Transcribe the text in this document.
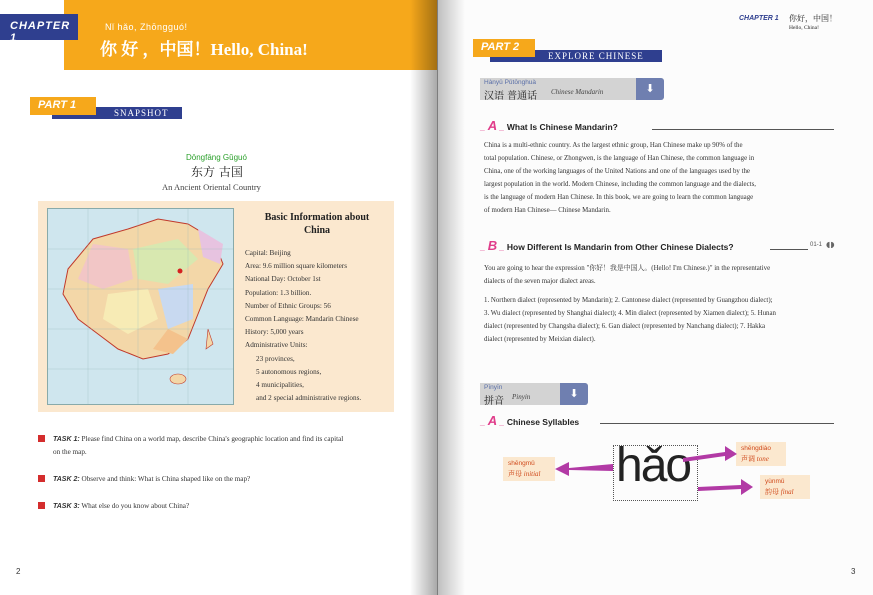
CHAPTER 1
Nǐ hǎo, Zhōngguó!
你 好 ，中国！Hello, China!
SNAPSHOT
PART 1
Dōngfāng Gǔguó
东方 古国
An Ancient Oriental Country
Basic Information about China
Capital: Beijing
Area: 9.6 million square kilometers
National Day: October 1st
Population: 1.3 billion.
Number of Ethnic Groups: 56
Common Language: Mandarin Chinese
History: 5,000 years
Administrative Units:
23 provinces,
5 autonomous regions,
4 municipalities,
and 2 special administrative regions.
TASK 1: Please find China on a world map, describe China's geographic location and find its capital
on the map.
TASK 2: Observe and think: What is China shaped like on the map?
TASK 3: What else do you know about China?
2
CHAPTER 1 你好，中国！
Hello, China!
EXPLORE CHINESE
PART 2
Hànyǔ Pǔtōnghuà
汉语 普通话 Chinese Mandarin	⬇
_ A _ What Is Chinese Mandarin?
China is a multi-ethnic country. As the largest ethnic group, Han Chinese make up 90% of the
total population. Chinese, or Zhongwen, is the language of Han Chinese, the common language in
China, one of the working languages of the United Nations and one of the languages used by the
largest population in the world. Modern Chinese, including the common language and the dialects,
is the language of modern Han Chinese. In this book, we are going to learn the common language
of modern Han Chinese— Chinese Mandarin.
_ B _ How Different Is Mandarin from Other Chinese Dialects?	01-1 ◖◗
You are going to hear the expression "你好！我是中国人。(Hello! I'm Chinese.)" in the representative
dialects of the seven major dialect areas.
1. Northern dialect (represented by Mandarin); 2. Cantonese dialect (represented by Guangzhou dialect);
3. Wu dialect (represented by Shanghai dialect); 4. Min dialect (represented by Xiamen dialect); 5. Hunan
dialect (represented by Changsha dialect); 6. Gan dialect (represented by Nanchang dialect); 7. Hakka
dialect (represented by Meixian dialect).
Pīnyīn
拼音 Pinyin	⬇
_ A _ Chinese Syllables
hǎo
shēngmǔ
声母 initial
shēngdiào
声调 tone
yùnmǔ
韵母 final
3
